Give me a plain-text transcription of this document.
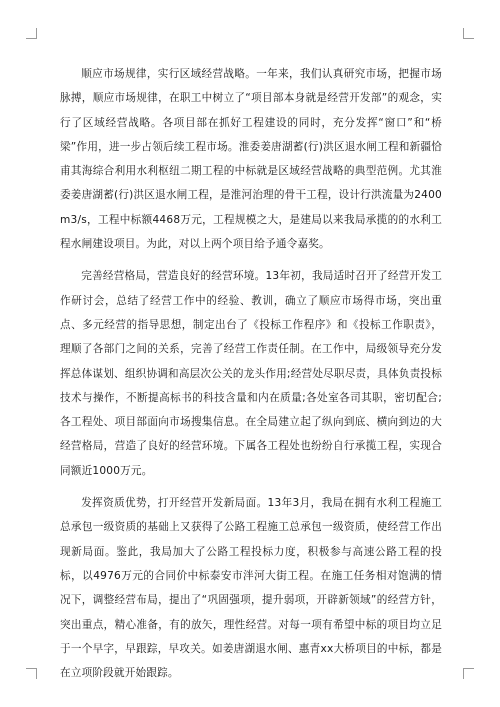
顺应市场规律，实行区域经营战略。一年来，我们认真研究市场，把握市场脉搏，顺应市场规律，在职工中树立了“项目部本身就是经营开发部”的观念，实行了区域经营战略。各项目部在抓好工程建设的同时，充分发挥“窗口”和“桥梁”作用，进一步占领后续工程市场。淮委姜唐湖蓄(行)洪区退水闸工程和新疆恰甫其海综合利用水利枢纽二期工程的中标就是区域经营战略的典型范例。尤其淮委姜唐湖蓄(行)洪区退水闸工程，是淮河治理的骨干工程，设计行洪流量为2400m3/s，工程中标额4468万元，工程规模之大，是建局以来我局承揽的的水利工程水闸建设项目。为此，对以上两个项目给予通令嘉奖。

完善经营格局，营造良好的经营环境。13年初，我局适时召开了经营开发工作研讨会，总结了经营工作中的经验、教训，确立了顺应市场得市场，突出重点、多元经营的指导思想，制定出台了《投标工作程序》和《投标工作职责》，理顺了各部门之间的关系，完善了经营工作责任制。在工作中，局级领导充分发挥总体谋划、组织协调和高层次公关的龙头作用;经营处尽职尽责，具体负责投标技术与操作，不断提高标书的科技含量和内在质量;各处室各司其职，密切配合;各工程处、项目部面向市场搜集信息。在全局建立起了纵向到底、横向到边的大经营格局，营造了良好的经营环境。下属各工程处也纷纷自行承揽工程，实现合同额近1000万元。

发挥资质优势，打开经营开发新局面。13年3月，我局在拥有水利工程施工总承包一级资质的基础上又获得了公路工程施工总承包一级资质，使经营工作出现新局面。鉴此，我局加大了公路工程投标力度，积极参与高速公路工程的投标，以4976万元的合同价中标泰安市泮河大街工程。在施工任务相对饱满的情况下，调整经营布局，提出了“巩固强项，提升弱项，开辟新领域”的经营方针，突出重点，精心准备，有的放矢，理性经营。对每一项有希望中标的项目均立足于一个早字，早跟踪，早攻关。如姜唐湖退水闸、惠青xx大桥项目的中标，都是在立项阶段就开始跟踪。
